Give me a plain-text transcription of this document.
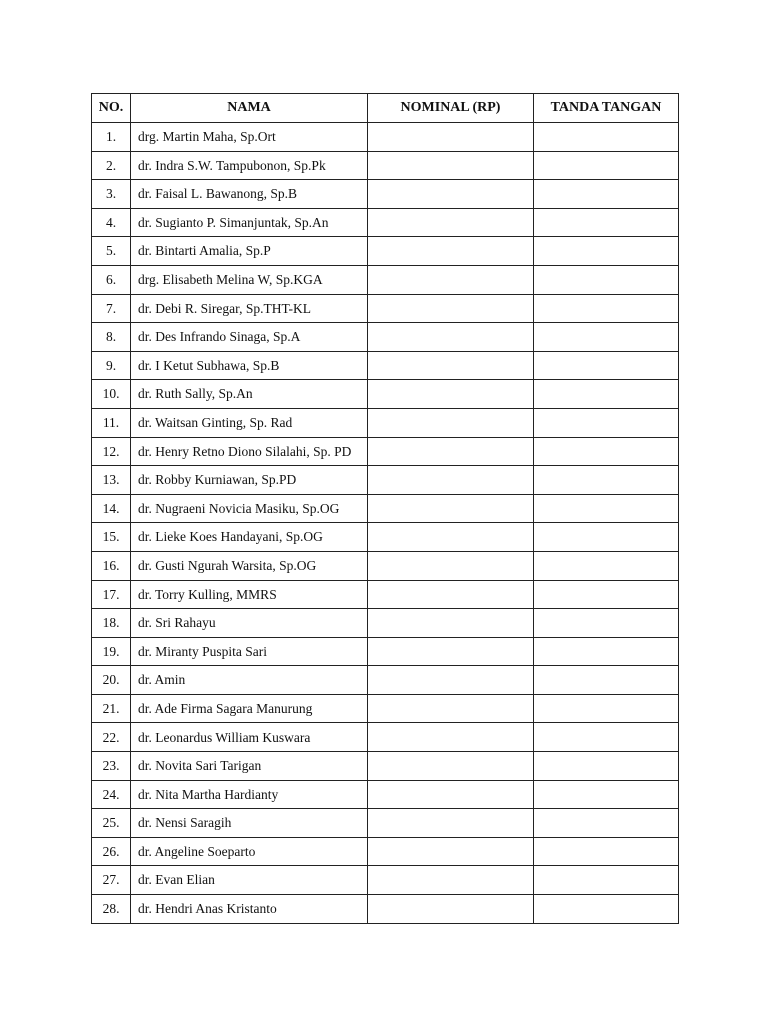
NO.	NAMA	NOMINAL (RP)	TANDA TANGAN
1.	drg. Martin Maha, Sp.Ort		
2.	dr. Indra S.W. Tampubonon, Sp.Pk		
3.	dr. Faisal L. Bawanong, Sp.B		
4.	dr. Sugianto P. Simanjuntak, Sp.An		
5.	dr. Bintarti Amalia, Sp.P		
6.	drg. Elisabeth Melina W, Sp.KGA		
7.	dr. Debi R. Siregar, Sp.THT-KL		
8.	dr. Des Infrando Sinaga, Sp.A		
9.	dr. I Ketut Subhawa, Sp.B		
10.	dr. Ruth Sally, Sp.An		
11.	dr. Waitsan Ginting, Sp. Rad		
12.	dr. Henry Retno Diono Silalahi, Sp. PD		
13.	dr. Robby Kurniawan, Sp.PD		
14.	dr. Nugraeni Novicia Masiku, Sp.OG		
15.	dr. Lieke Koes Handayani, Sp.OG		
16.	dr. Gusti Ngurah Warsita, Sp.OG		
17.	dr. Torry Kulling, MMRS		
18.	dr. Sri Rahayu		
19.	dr. Miranty Puspita Sari		
20.	dr. Amin		
21.	dr. Ade Firma Sagara Manurung		
22.	dr. Leonardus William Kuswara		
23.	dr. Novita Sari Tarigan		
24.	dr. Nita Martha Hardianty		
25.	dr. Nensi Saragih		
26.	dr. Angeline Soeparto		
27.	dr. Evan Elian		
28.	dr. Hendri Anas Kristanto		
